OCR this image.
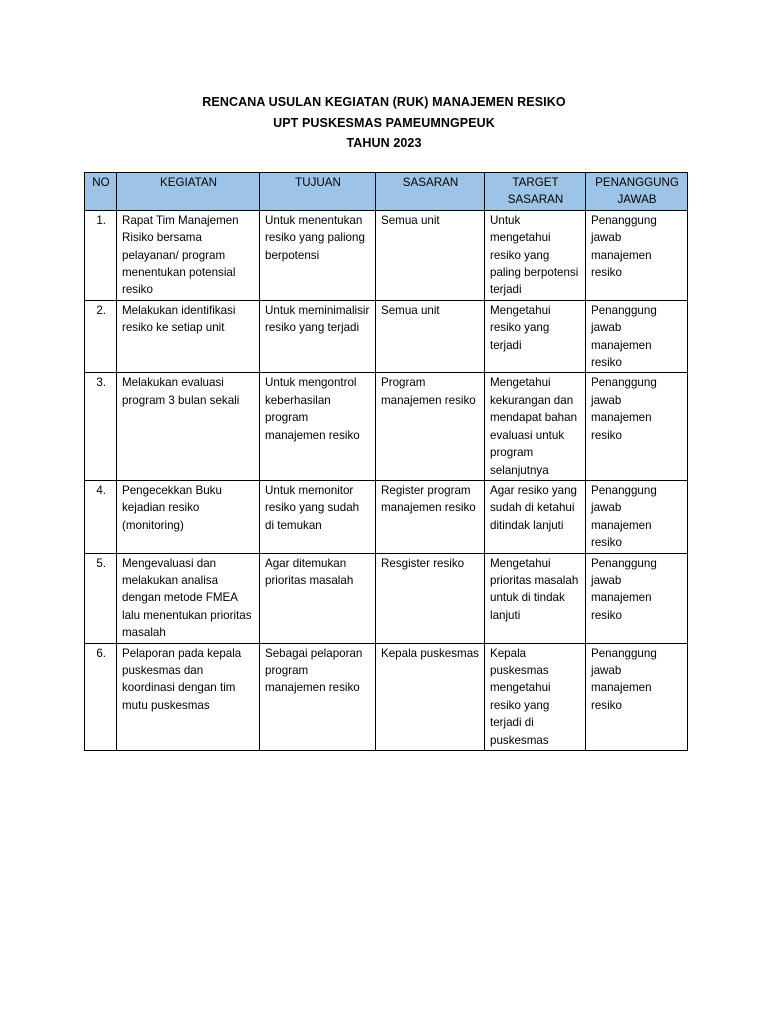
RENCANA USULAN KEGIATAN (RUK) MANAJEMEN RESIKO
UPT PUSKESMAS PAMEUMNGPEUK
TAHUN 2023
NO	KEGIATAN	TUJUAN	SASARAN	TARGET SASARAN	PENANGGUNG JAWAB
1.	Rapat Tim Manajemen Risiko bersama pelayanan/ program menentukan potensial resiko	Untuk menentukan resiko yang paliong berpotensi	Semua unit	Untuk mengetahui resiko yang paling berpotensi terjadi	Penanggung jawab manajemen resiko
2.	Melakukan identifikasi resiko ke setiap unit	Untuk meminimalisir resiko yang terjadi	Semua unit	Mengetahui resiko yang terjadi	Penanggung jawab manajemen resiko
3.	Melakukan evaluasi program 3 bulan sekali	Untuk mengontrol keberhasilan program manajemen resiko	Program manajemen resiko	Mengetahui kekurangan dan mendapat bahan evaluasi untuk program selanjutnya	Penanggung jawab manajemen resiko
4.	Pengecekkan Buku kejadian resiko (monitoring)	Untuk memonitor resiko yang sudah di temukan	Register program manajemen resiko	Agar resiko yang sudah di ketahui ditindak lanjuti	Penanggung jawab manajemen resiko
5.	Mengevaluasi dan melakukan analisa dengan metode FMEA lalu menentukan prioritas masalah	Agar ditemukan prioritas masalah	Resgister resiko	Mengetahui prioritas masalah untuk di tindak lanjuti	Penanggung jawab manajemen resiko
6.	Pelaporan pada kepala puskesmas dan koordinasi dengan tim mutu puskesmas	Sebagai pelaporan program manajemen resiko	Kepala puskesmas	Kepala puskesmas mengetahui resiko yang terjadi di puskesmas	Penanggung jawab manajemen resiko
